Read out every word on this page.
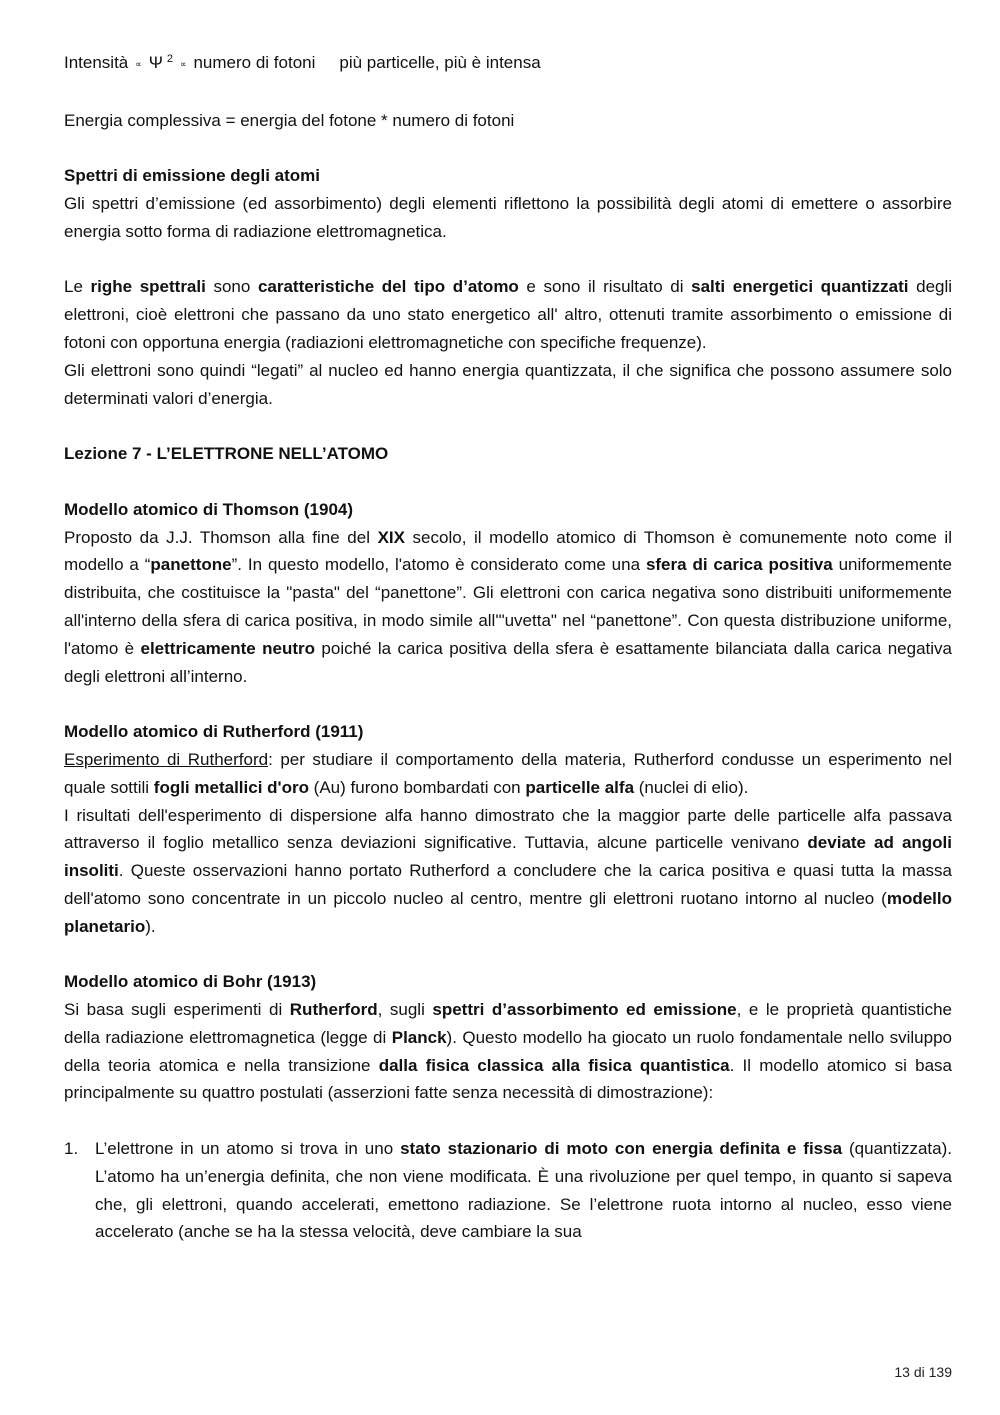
Intensità ∝ Ψ $^2$ ∝ numero di fotoni più particelle, più è intensa
Energia complessiva = energia del fotone * numero di fotoni
Spettri di emissione degli atomi

Gli spettri d’emissione (ed assorbimento) degli elementi riflettono la possibilità degli atomi di emettere o assorbire energia sotto forma di radiazione elettromagnetica.

Le righe spettrali sono caratteristiche del tipo d’atomo e sono il risultato di salti energetici quantizzati degli elettroni, cioè elettroni che passano da uno stato energetico all' altro, ottenuti tramite assorbimento o emissione di fotoni con opportuna energia (radiazioni elettromagnetiche con specifiche frequenze).

Gli elettroni sono quindi “legati” al nucleo ed hanno energia quantizzata, il che significa che possono assumere solo determinati valori d’energia.

Lezione 7 - L’ELETTRONE NELL’ATOMO
Modello atomico di Thomson (1904)

Proposto da J.J. Thomson alla fine del XIX secolo, il modello atomico di Thomson è comunemente noto come il modello a “panettone”. In questo modello, l'atomo è considerato come una sfera di carica positiva uniformemente distribuita, che costituisce la "pasta" del “panettone”. Gli elettroni con carica negativa sono distribuiti uniformemente all'interno della sfera di carica positiva, in modo simile all'"uvetta" nel “panettone”. Con questa distribuzione uniforme, l'atomo è elettricamente neutro poiché la carica positiva della sfera è esattamente bilanciata dalla carica negativa degli elettroni all’interno.

Modello atomico di Rutherford (1911)

Esperimento di Rutherford: per studiare il comportamento della materia, Rutherford condusse un esperimento nel quale sottili fogli metallici d'oro (Au) furono bombardati con particelle alfa (nuclei di elio).

I risultati dell'esperimento di dispersione alfa hanno dimostrato che la maggior parte delle particelle alfa passava attraverso il foglio metallico senza deviazioni significative. Tuttavia, alcune particelle venivano deviate ad angoli insoliti. Queste osservazioni hanno portato Rutherford a concludere che la carica positiva e quasi tutta la massa dell'atomo sono concentrate in un piccolo nucleo al centro, mentre gli elettroni ruotano intorno al nucleo (modello planetario).

Modello atomico di Bohr (1913)

Si basa sugli esperimenti di Rutherford, sugli spettri d’assorbimento ed emissione, e le proprietà quantistiche della radiazione elettromagnetica (legge di Planck). Questo modello ha giocato un ruolo fondamentale nello sviluppo della teoria atomica e nella transizione dalla fisica classica alla fisica quantistica. Il modello atomico si basa principalmente su quattro postulati (asserzioni fatte senza necessità di dimostrazione):

1. L’elettrone in un atomo si trova in uno stato stazionario di moto con energia definita e fissa (quantizzata). L’atomo ha un’energia definita, che non viene modificata. È una rivoluzione per quel tempo, in quanto si sapeva che, gli elettroni, quando accelerati, emettono radiazione. Se l’elettrone ruota intorno al nucleo, esso viene accelerato (anche se ha la stessa velocità, deve cambiare la sua
13 di 139
